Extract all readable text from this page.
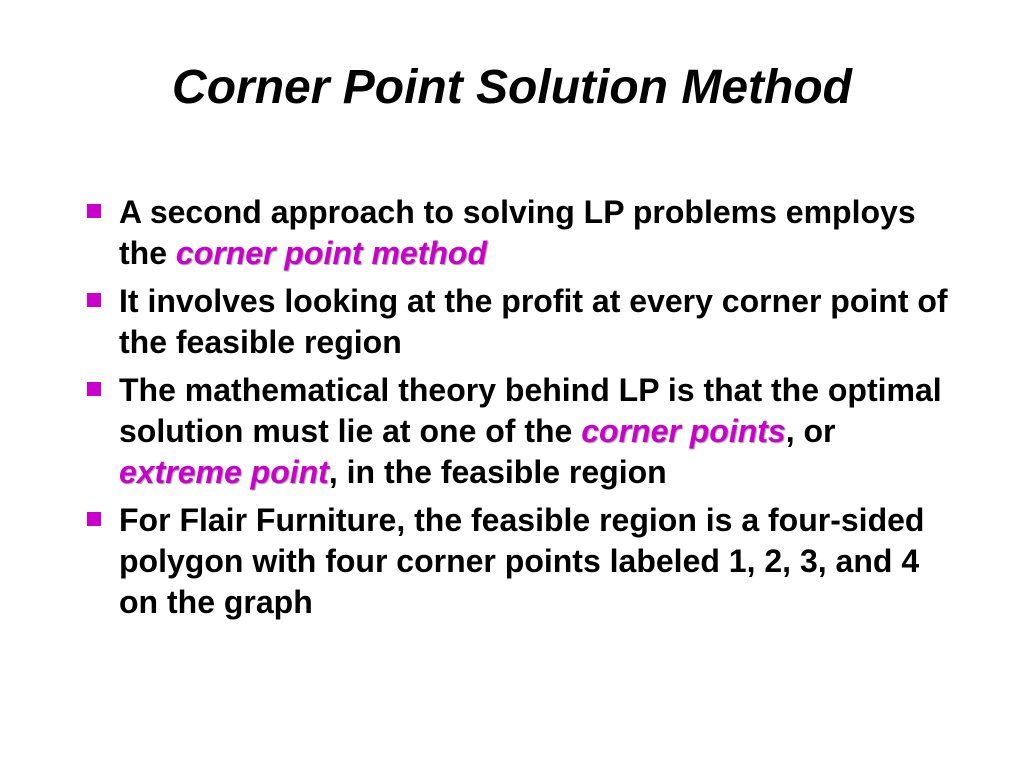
Corner Point Solution Method
A second approach to solving LP problems employs the corner point method
It involves looking at the profit at every corner point of the feasible region
The mathematical theory behind LP is that the optimal solution must lie at one of the corner points, or extreme point, in the feasible region
For Flair Furniture, the feasible region is a four-sided polygon with four corner points labeled 1, 2, 3, and 4 on the graph
